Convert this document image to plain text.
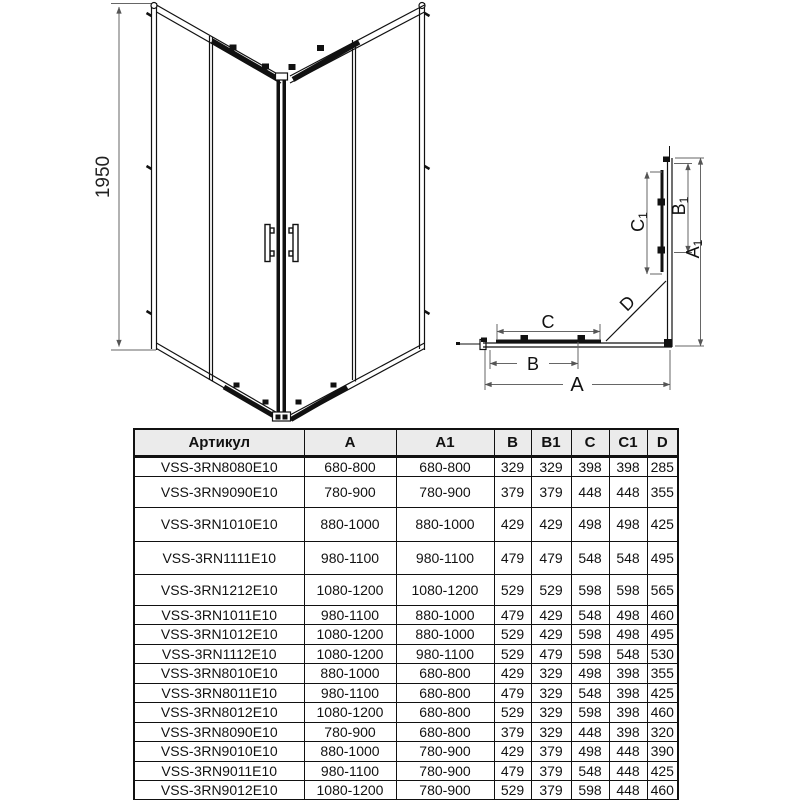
1950
C
B
A
D
C1
B1
A1
Артикул	A	A1	B	B1	C	C1	D
VSS-3RN8080E10	680-800	680-800	329	329	398	398	285
VSS-3RN9090E10	780-900	780-900	379	379	448	448	355
VSS-3RN1010E10	880-1000	880-1000	429	429	498	498	425
VSS-3RN1111E10	980-1100	980-1100	479	479	548	548	495
VSS-3RN1212E10	1080-1200	1080-1200	529	529	598	598	565
VSS-3RN1011E10	980-1100	880-1000	479	429	548	498	460
VSS-3RN1012E10	1080-1200	880-1000	529	429	598	498	495
VSS-3RN1112E10	1080-1200	980-1100	529	479	598	548	530
VSS-3RN8010E10	880-1000	680-800	429	329	498	398	355
VSS-3RN8011E10	980-1100	680-800	479	329	548	398	425
VSS-3RN8012E10	1080-1200	680-800	529	329	598	398	460
VSS-3RN8090E10	780-900	680-800	379	329	448	398	320
VSS-3RN9010E10	880-1000	780-900	429	379	498	448	390
VSS-3RN9011E10	980-1100	780-900	479	379	548	448	425
VSS-3RN9012E10	1080-1200	780-900	529	379	598	448	460
